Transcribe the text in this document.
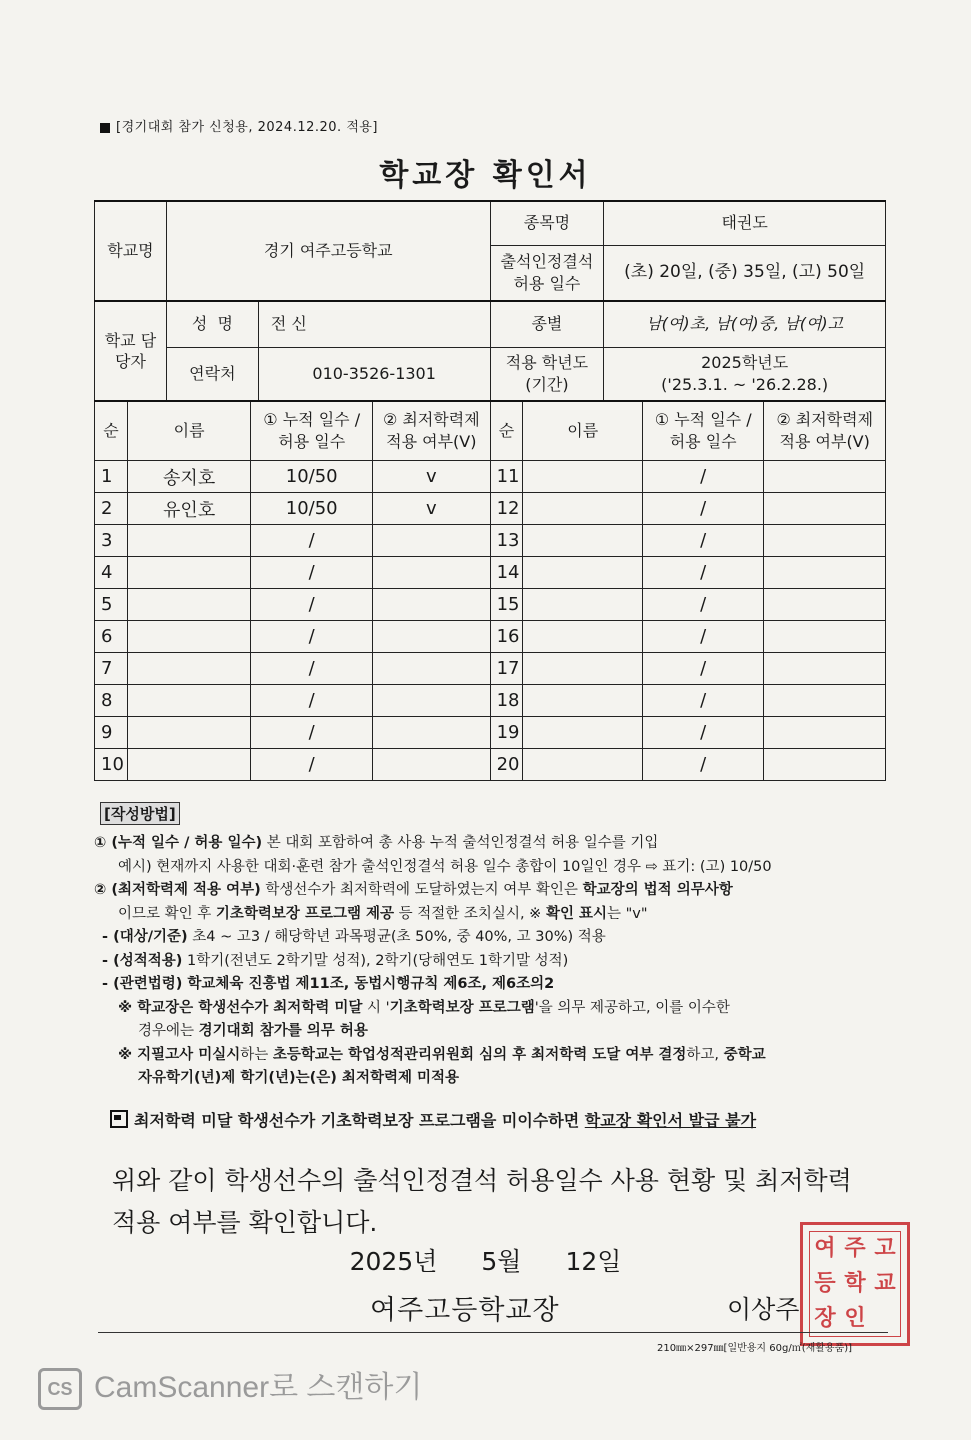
[경기대회 참가 신청용, 2024.12.20. 적용]
학교장 확인서
학교명	경기 여주고등학교		종목명	태권도
			출석인정결석 허용 일수	(초) 20일, (중) 35일, (고) 50일
학교 담당자	성  명	전 신	종별	남(여)초, 남(여)중, 남(여)고
	연락처	010-3526-1301	적용 학년도 (기간)	2025학년도
('25.3.1. ~ '26.2.28.)
순	이름	① 누적 일수 / 허용 일수	② 최저학력제 적용 여부(V)	순	이름	① 누적 일수 / 허용 일수	② 최저학력제 적용 여부(V)
1	송지호	10/50	v	11		/	
2	유인호	10/50	v	12		/	
3		/		13		/	
4		/		14		/	
5		/		15		/	
6		/		16		/	
7		/		17		/	
8		/		18		/	
9		/		19		/	
10		/		20		/	
[작성방법]
① (누적 일수 / 허용 일수) 본 대회 포함하여 총 사용 누적 출석인정결석 허용 일수를 기입
예시) 현재까지 사용한 대회·훈련 참가 출석인정결석 허용 일수 총합이 10일인 경우 ⇨ 표기: (고) 10/50
② (최저학력제 적용 여부) 학생선수가 최저학력에 도달하였는지 여부 확인은 학교장의 법적 의무사항
이므로 확인 후 기초학력보장 프로그램 제공 등 적절한 조치실시, ※ 확인 표시는 "v"
- (대상/기준) 초4 ~ 고3 / 해당학년 과목평균(초 50%, 중 40%, 고 30%) 적용
- (성적적용) 1학기(전년도 2학기말 성적), 2학기(당해연도 1학기말 성적)
- (관련법령) 학교체육 진흥법 제11조, 동법시행규칙 제6조, 제6조의2
※ 학교장은 학생선수가 최저학력 미달 시 '기초학력보장 프로그램'을 의무 제공하고, 이를 이수한
경우에는 경기대회 참가를 의무 허용
※ 지필고사 미실시하는 초등학교는 학업성적관리위원회 심의 후 최저학력 도달 여부 결정하고, 중학교
자유학기(년)제 학기(년)는(은) 최저학력제 미적용
최저학력 미달 학생선수가 기초학력보장 프로그램을 미이수하면 학교장 확인서 발급 불가
위와 같이 학생선수의 출석인정결석 허용일수 사용 현황 및 최저학력
적용 여부를 확인합니다.
2025년 5월 12일
여주고등학교장	이상주
여 주 고
등 학 교
장 인
210㎜×297㎜[일반용지 60g/㎡(재활용품)]
CS CamScanner로 스캔하기
